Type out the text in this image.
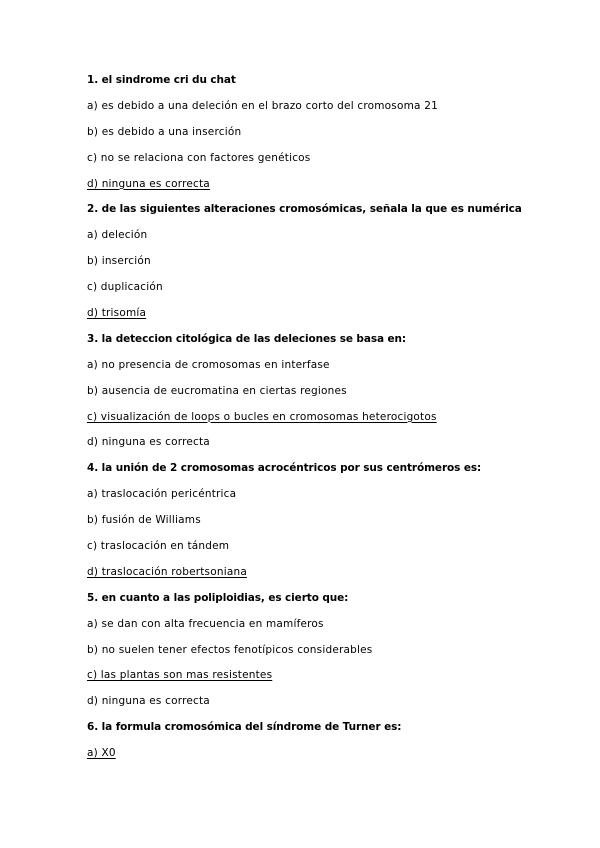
1. el sindrome cri du chat
a) es debido a una deleción en el brazo corto del cromosoma 21
b) es debido a una inserción
c) no se relaciona con factores genéticos
d) ninguna es correcta
2. de las siguientes alteraciones cromosómicas, señala la que es numérica
a) deleción
b) inserción
c) duplicación
d) trisomía
3. la deteccion citológica de las deleciones se basa en:
a) no presencia de cromosomas en interfase
b) ausencia de eucromatina en ciertas regiones
c) visualización de loops o bucles en cromosomas heterocigotos
d) ninguna es correcta
4. la unión de 2 cromosomas acrocéntricos por sus centrómeros es:
a) traslocación pericéntrica
b) fusión de Williams
c) traslocación en tándem
d) traslocación robertsoniana
5. en cuanto a las poliploidias, es cierto que:
a) se dan con alta frecuencia en mamíferos
b) no suelen tener efectos fenotípicos considerables
c) las plantas son mas resistentes
d) ninguna es correcta
6. la formula cromosómica del síndrome de Turner es:
a) X0
